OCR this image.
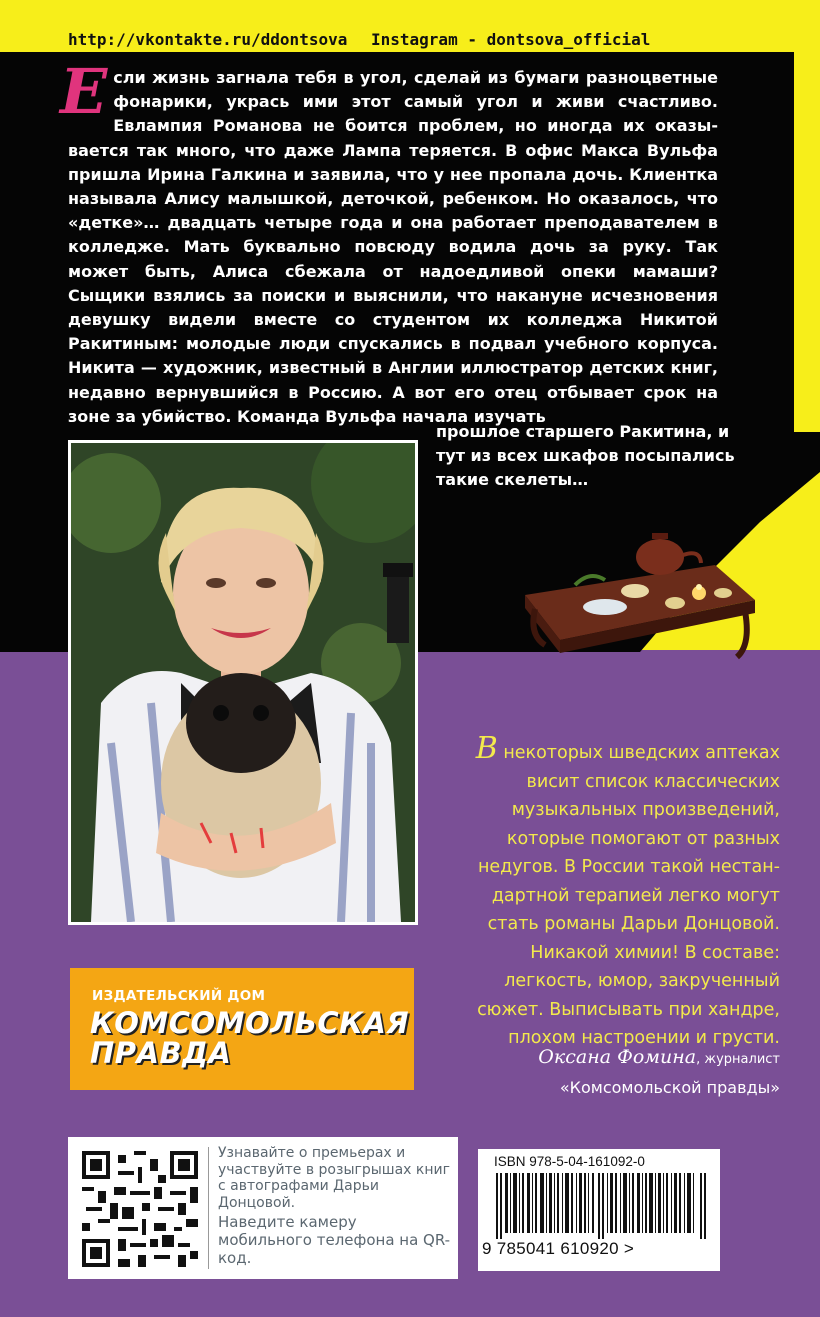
http://vkontakte.ru/ddontsova Instagram - dontsova_official
Е сли жизнь загнала тебя в угол, сделай из бумаги разноцветные фонарики, укрась ими этот самый угол и живи счастливо. Евлампия Романова не боится проблем, но иногда их оказывается так много, что даже Лампа теряется. В офис Макса Вульфа пришла Ирина Галкина и заявила, что у нее пропала дочь. Клиентка называла Алису малышкой, деточкой, ребенком. Но оказалось, что «детке»… двадцать четыре года и она работает преподавателем в колледже. Мать буквально повсюду водила дочь за руку. Так может быть, Алиса сбежала от надоедливой опеки мамаши? Сыщики взялись за поиски и выяснили, что накануне исчезновения девушку видели вместе со студентом их колледжа Никитой Ракитиным: молодые люди спускались в подвал учебного корпуса. Никита — художник, известный в Англии иллюстратор детских книг, недавно вернувшийся в Россию. А вот его отец отбывает срок на зоне за убийство. Команда Вульфа начала изучать
прошлое старшего Ракитина, и тут из всех шкафов посыпались такие скелеты…
В некоторых шведских аптеках висит список классических музыкальных произведений, которые помогают от разных недугов. В России такой нестандартной терапией легко могут стать романы Дарьи Донцовой. Никакой химии! В составе: легкость, юмор, закрученный сюжет. Выписывать при хандре, плохом настроении и грусти.
Оксана Фомина, журналист
«Комсомольской правды»
ИЗДАТЕЛЬСКИЙ ДОМ
КОМСОМОЛЬСКАЯ
ПРАВДА
Узнавайте о премьерах и участвуйте в розыгрышах книг с автографами Дарьи Донцовой.
Наведите камеру мобильного телефона на QR-код.
ISBN 978-5-04-161092-0
9 785041 610920 >
